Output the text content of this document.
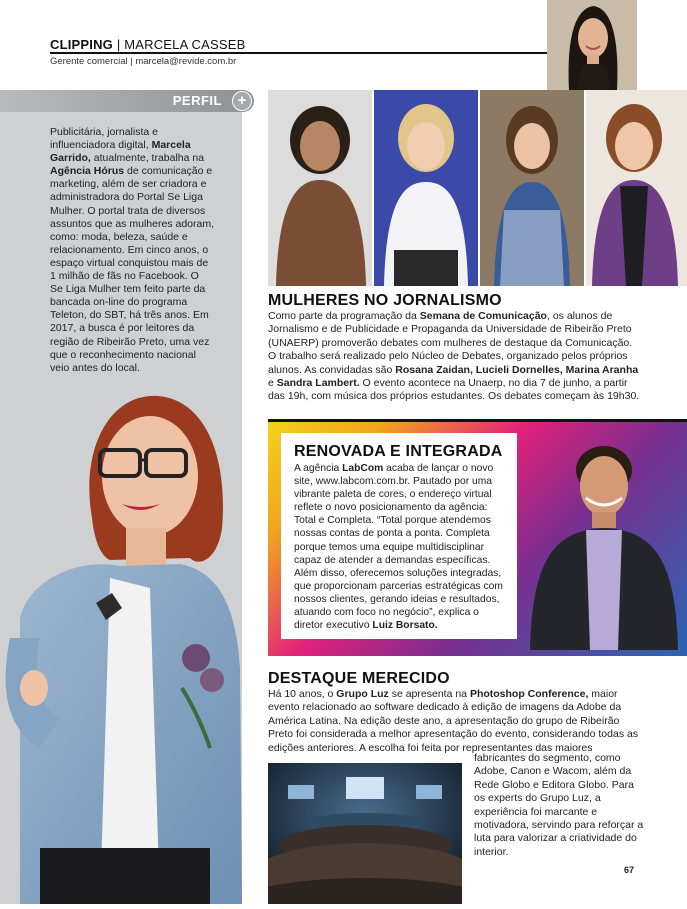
CLIPPING | MARCELA CASSEB
Gerente comercial | marcela@revide.com.br
PERFIL	+
Publicitária, jornalista e influenciadora digital, Marcela Garrido, atualmente, trabalha na Agência Hórus de comunicação e marketing, além de ser criadora e administradora do Portal Se Liga Mulher. O portal trata de diversos assuntos que as mulheres adoram, como: moda, beleza, saúde e relacionamento. Em cinco anos, o espaço virtual conquistou mais de 1 milhão de fãs no Facebook. O Se Liga Mulher tem feito parte da bancada on-line do programa Teleton, do SBT, há três anos. Em 2017, a busca é por leitores da região de Ribeirão Preto, uma vez que o reconhecimento nacional veio antes do local.
MULHERES NO JORNALISMO
Como parte da programação da Semana de Comunicação, os alunos de Jornalismo e de Publicidade e Propaganda da Universidade de Ribeirão Preto (UNAERP) promoverão debates com mulheres de destaque da Comunicação. O trabalho será realizado pelo Núcleo de Debates, organizado pelos próprios alunos. As convidadas são Rosana Zaidan, Lucieli Dornelles, Marina Aranha e Sandra Lambert. O evento acontece na Unaerp, no dia 7 de junho, a partir das 19h, com música dos próprios estudantes. Os debates começam às 19h30.
RENOVADA E INTEGRADA
A agência LabCom acaba de lançar o novo site, www.labcom.com.br. Pautado por uma vibrante paleta de cores, o endereço virtual reflete o novo posicionamento da agência: Total e Completa. “Total porque atendemos nossas contas de ponta a ponta. Completa porque temos uma equipe multidisciplinar capaz de atender a demandas específicas. Além disso, oferecemos soluções integradas, que proporcionam parcerias estratégicas com nossos clientes, gerando ideias e resultados, atuando com foco no negócio”, explica o diretor executivo Luiz Borsato.
DESTAQUE MERECIDO
Há 10 anos, o Grupo Luz se apresenta na Photoshop Conference, maior evento relacionado ao software dedicado à edição de imagens da Adobe da América Latina. Na edição deste ano, a apresentação do grupo de Ribeirão Preto foi considerada a melhor apresentação do evento, considerando todas as edições anteriores. A escolha foi feita por representantes das maiores
fabricantes do segmento, como Adobe, Canon e Wacom, além da Rede Globo e Editora Globo. Para os experts do Grupo Luz, a experiência foi marcante e motivadora, servindo para reforçar a luta para valorizar a criatividade do interior.
67
